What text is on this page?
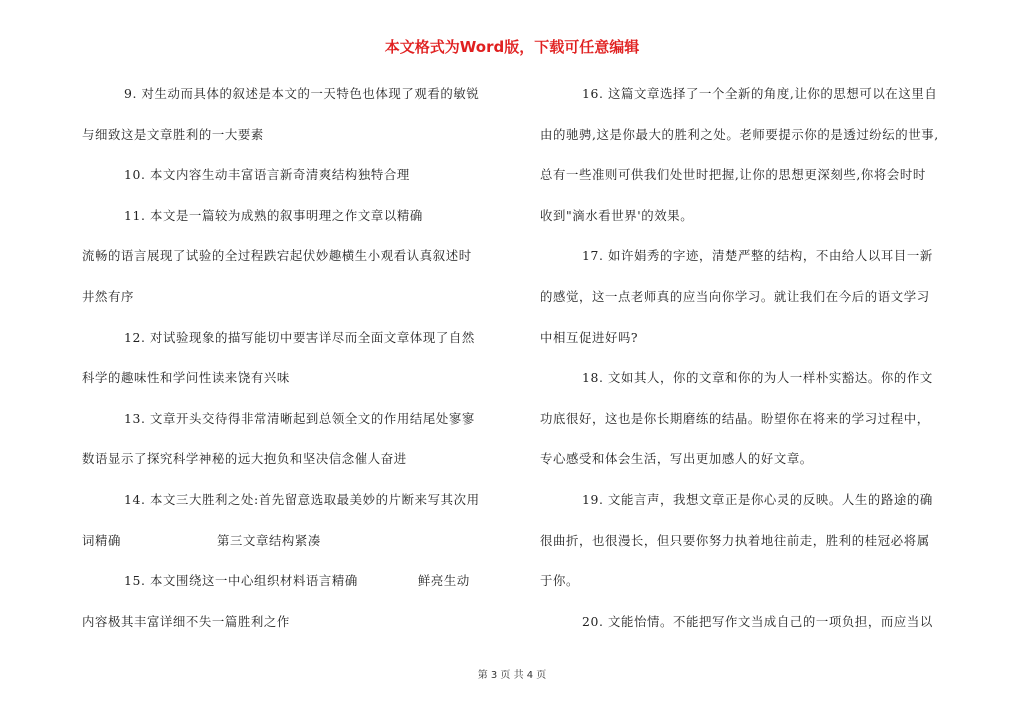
本文格式为Word版，下载可任意编辑
9. 对生动而具体的叙述是本文的一天特色也体现了观看的敏锐
与细致这是文章胜利的一大要素
10. 本文内容生动丰富语言新奇清爽结构独特合理
11. 本文是一篇较为成熟的叙事明理之作文章以精确
流畅的语言展现了试验的全过程跌宕起伏妙趣横生小观看认真叙述时
井然有序
12. 对试验现象的描写能切中要害详尽而全面文章体现了自然
科学的趣味性和学问性读来饶有兴味
13. 文章开头交待得非常清晰起到总领全文的作用结尾处寥寥
数语显示了探究科学神秘的远大抱负和坚决信念催人奋进
14. 本文三大胜利之处:首先留意选取最美妙的片断来写其次用
词精确	第三文章结构紧凑
15. 本文围绕这一中心组织材料语言精确	鲜亮生动
内容极其丰富详细不失一篇胜利之作
16. 这篇文章选择了一个全新的角度,让你的思想可以在这里自
由的驰骋,这是你最大的胜利之处。老师要提示你的是透过纷纭的世事,
总有一些准则可供我们处世时把握,让你的思想更深刻些,你将会时时
收到"滴水看世界'的效果。
17. 如许娟秀的字迹，清楚严整的结构，不由给人以耳目一新
的感觉，这一点老师真的应当向你学习。就让我们在今后的语文学习
中相互促进好吗?
18. 文如其人，你的文章和你的为人一样朴实豁达。你的作文
功底很好，这也是你长期磨练的结晶。盼望你在将来的学习过程中，
专心感受和体会生活，写出更加感人的好文章。
19. 文能言声，我想文章正是你心灵的反映。人生的路途的确
很曲折，也很漫长，但只要你努力执着地往前走，胜利的桂冠必将属
于你。
20. 文能怡情。不能把写作文当成自己的一项负担，而应当以
第 3 页 共 4 页
